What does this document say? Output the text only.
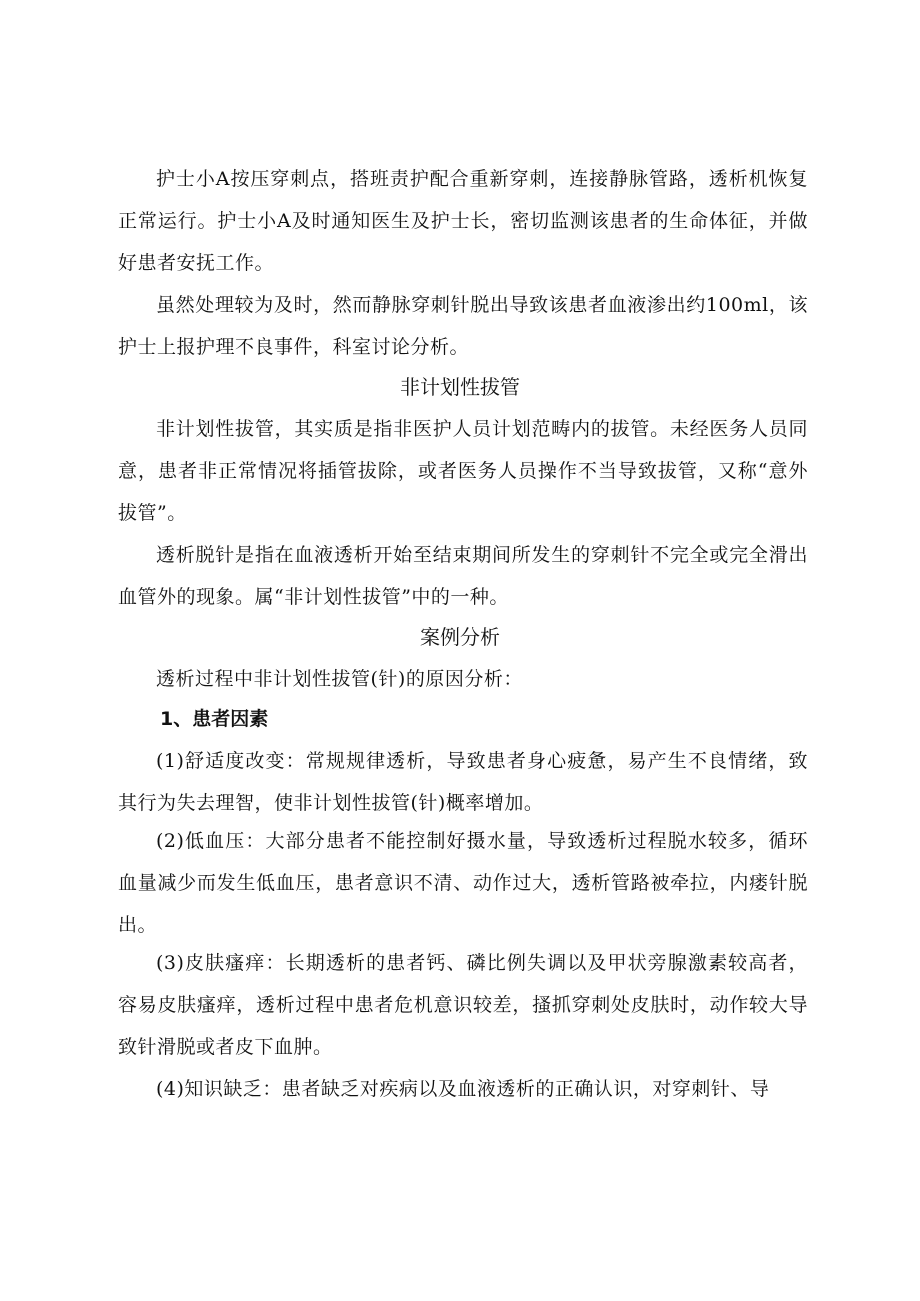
护士小A按压穿刺点，搭班责护配合重新穿刺，连接静脉管路，透析机恢复正常运行。护士小A及时通知医生及护士长，密切监测该患者的生命体征，并做好患者安抚工作。

虽然处理较为及时，然而静脉穿刺针脱出导致该患者血液渗出约100ml，该护士上报护理不良事件，科室讨论分析。

非计划性拔管

非计划性拔管，其实质是指非医护人员计划范畴内的拔管。未经医务人员同意，患者非正常情况将插管拔除，或者医务人员操作不当导致拔管，又称“意外拔管”。

透析脱针是指在血液透析开始至结束期间所发生的穿刺针不完全或完全滑出血管外的现象。属“非计划性拔管”中的一种。

案例分析

透析过程中非计划性拔管(针)的原因分析：

1、患者因素

(1)舒适度改变：常规规律透析，导致患者身心疲惫，易产生不良情绪，致其行为失去理智，使非计划性拔管(针)概率增加。

(2)低血压：大部分患者不能控制好摄水量，导致透析过程脱水较多，循环血量减少而发生低血压，患者意识不清、动作过大，透析管路被牵拉，内瘘针脱出。

(3)皮肤瘙痒：长期透析的患者钙、磷比例失调以及甲状旁腺激素较高者，容易皮肤瘙痒，透析过程中患者危机意识较差，搔抓穿刺处皮肤时，动作较大导致针滑脱或者皮下血肿。

(4)知识缺乏：患者缺乏对疾病以及血液透析的正确认识，对穿刺针、导
